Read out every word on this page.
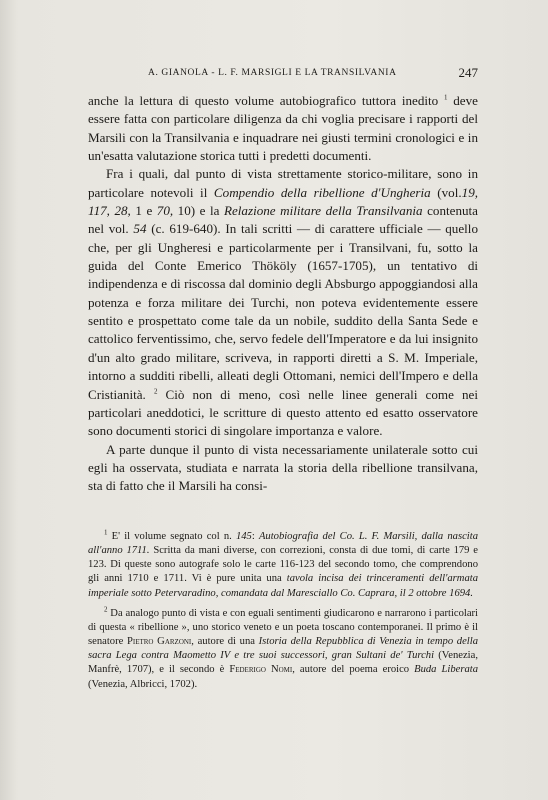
A. GIANOLA - L. F. MARSIGLI E LA TRANSILVANIA	247

anche la lettura di questo volume autobiografico tuttora inedito $^1$ deve essere fatta con particolare diligenza da chi voglia precisare i rapporti del Marsili con la Transilvania e inquadrare nei giusti termini cronologici e in un'esatta valutazione storica tutti i predetti documenti.

Fra i quali, dal punto di vista strettamente storico-militare, sono in particolare notevoli il Compendio della ribellione d'Ungheria (vol.19, 117, 28, 1 e 70, 10) e la Relazione militare della Transilvania contenuta nel vol. 54 (c. 619-640). In tali scritti — di carattere ufficiale — quello che, per gli Ungheresi e particolarmente per i Transilvani, fu, sotto la guida del Conte Emerico Thököly (1657-1705), un tentativo di indipendenza e di riscossa dal dominio degli Absburgo appoggiandosi alla potenza e forza militare dei Turchi, non poteva evidentemente essere sentito e prospettato come tale da un nobile, suddito della Santa Sede e cattolico ferventissimo, che, servo fedele dell'Imperatore e da lui insignito d'un alto grado militare, scriveva, in rapporti diretti a S. M. Imperiale, intorno a sudditi ribelli, alleati degli Ottomani, nemici dell'Impero e della Cristianità. $^2$ Ciò non di meno, così nelle linee generali come nei particolari aneddotici, le scritture di questo attento ed esatto osservatore sono documenti storici di singolare importanza e valore.

A parte dunque il punto di vista necessariamente unilaterale sotto cui egli ha osservata, studiata e narrata la storia della ribellione transilvana, sta di fatto che il Marsili ha consi-

$^1$ E' il volume segnato col n. 145: Autobiografia del Co. L. F. Marsili, dalla nascita all'anno 1711. Scritta da mani diverse, con correzioni, consta di due tomi, di carte 179 e 123. Di queste sono autografe solo le carte 116-123 del secondo tomo, che comprendono gli anni 1710 e 1711. Vi è pure unita una tavola incisa dei trinceramenti dell'armata imperiale sotto Petervaradino, comandata dal Maresciallo Co. Caprara, il 2 ottobre 1694.

$^2$ Da analogo punto di vista e con eguali sentimenti giudicarono e narrarono i particolari di questa « ribellione », uno storico veneto e un poeta toscano contemporanei. Il primo è il senatore Pietro Garzoni, autore di una Istoria della Repubblica di Venezia in tempo della sacra Lega contra Maometto IV e tre suoi successori, gran Sultani de' Turchi (Venezia, Manfrè, 1707), e il secondo è Federigo Nomi, autore del poema eroico Buda Liberata (Venezia, Albricci, 1702).
